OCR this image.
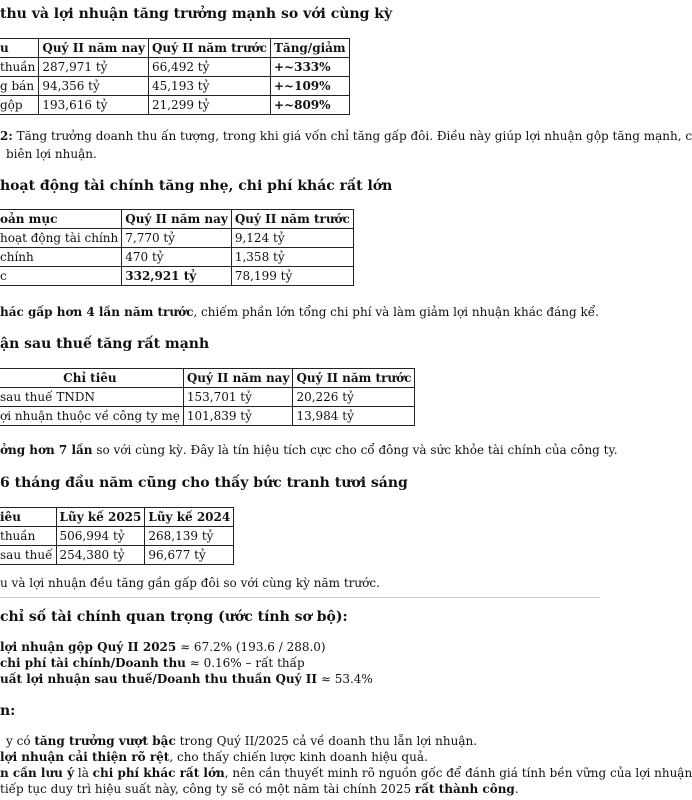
thu và lợi nhuận tăng trưởng mạnh so với cùng kỳ
u	Quý II năm nay	Quý II năm trước	Tăng/giảm
thuần	287,971 tỷ	66,492 tỷ	+~333%
g bán	94,356 tỷ	45,193 tỷ	+~109%
gộp	193,616 tỷ	21,299 tỷ	+~809%
2: Tăng trưởng doanh thu ấn tượng, trong khi giá vốn chỉ tăng gấp đôi. Điều này giúp lợi nhuận gộp tăng mạnh, c
biên lợi nhuận.
hoạt động tài chính tăng nhẹ, chi phí khác rất lớn
oản mục	Quý II năm nay	Quý II năm trước
hoạt động tài chính	7,770 tỷ	9,124 tỷ
chính	470 tỷ	1,358 tỷ
c	332,921 tỷ	78,199 tỷ
hác gấp hơn 4 lần năm trước, chiếm phần lớn tổng chi phí và làm giảm lợi nhuận khác đáng kể.
ận sau thuế tăng rất mạnh
Chỉ tiêu	Quý II năm nay	Quý II năm trước
sau thuế TNDN	153,701 tỷ	20,226 tỷ
ợi nhuận thuộc về công ty mẹ	101,839 tỷ	13,984 tỷ
ởng hơn 7 lần so với cùng kỳ. Đây là tín hiệu tích cực cho cổ đông và sức khỏe tài chính của công ty.
6 tháng đầu năm cũng cho thấy bức tranh tươi sáng
iêu	Lũy kế 2025	Lũy kế 2024
thuần	506,994 tỷ	268,139 tỷ
sau thuế	254,380 tỷ	96,677 tỷ
u và lợi nhuận đều tăng gần gấp đôi so với cùng kỳ năm trước.
chỉ số tài chính quan trọng (ước tính sơ bộ):
lợi nhuận gộp Quý II 2025 ≈ 67.2% (193.6 / 288.0)
chi phí tài chính/Doanh thu ≈ 0.16% – rất thấp
uất lợi nhuận sau thuế/Doanh thu thuần Quý II ≈ 53.4%
n:
y có tăng trưởng vượt bậc trong Quý II/2025 cả về doanh thu lẫn lợi nhuận.
lợi nhuận cải thiện rõ rệt, cho thấy chiến lược kinh doanh hiệu quả.
n cần lưu ý là chi phí khác rất lớn, nên cần thuyết minh rõ nguồn gốc để đánh giá tính bền vững của lợi nhuận
tiếp tục duy trì hiệu suất này, công ty sẽ có một năm tài chính 2025 rất thành công.
